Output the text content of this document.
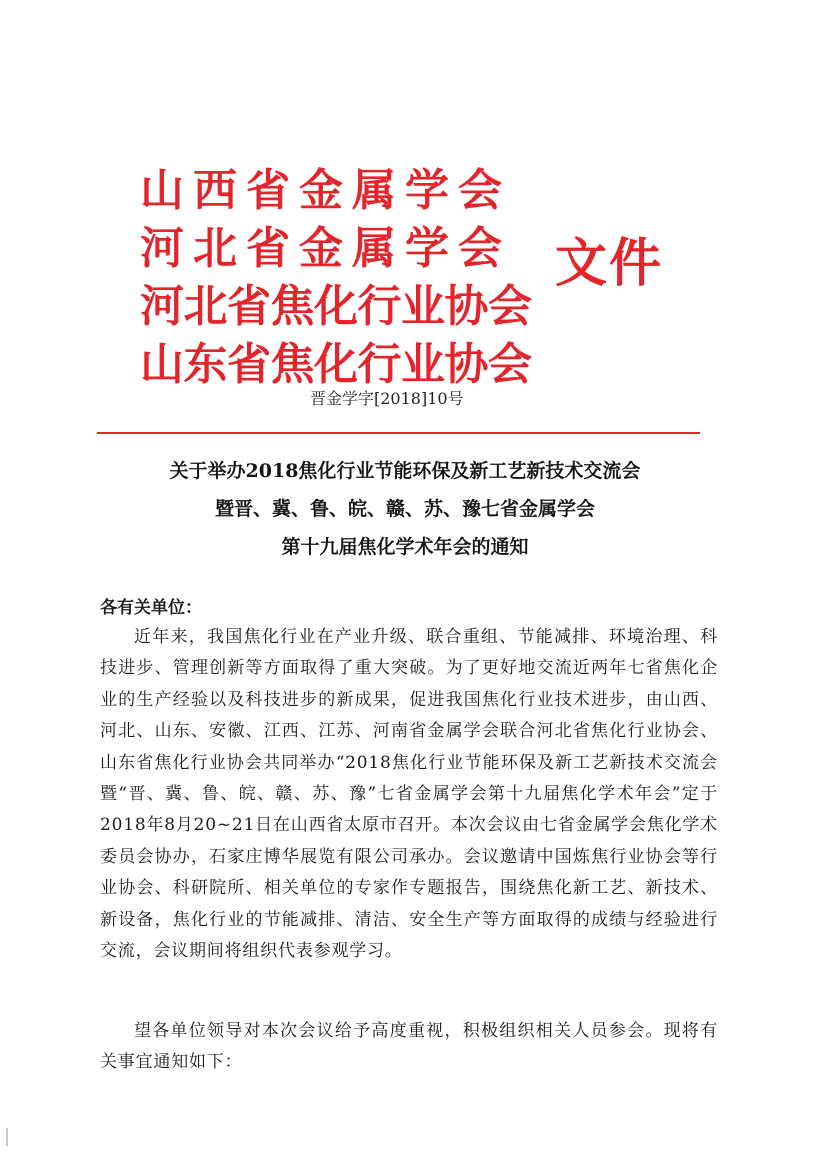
山西省金属学会
河北省金属学会
河北省焦化行业协会
山东省焦化行业协会
文件
晋金学字[2018]10号
关于举办2018焦化行业节能环保及新工艺新技术交流会
暨晋、冀、鲁、皖、赣、苏、豫七省金属学会
第十九届焦化学术年会的通知
各有关单位：
近年来，我国焦化行业在产业升级、联合重组、节能减排、环境治理、科技进步、管理创新等方面取得了重大突破。为了更好地交流近两年七省焦化企业的生产经验以及科技进步的新成果，促进我国焦化行业技术进步，由山西、河北、山东、安徽、江西、江苏、河南省金属学会联合河北省焦化行业协会、山东省焦化行业协会共同举办“2018焦化行业节能环保及新工艺新技术交流会暨“晋、冀、鲁、皖、赣、苏、豫”七省金属学会第十九届焦化学术年会”定于2018年8月20~21日在山西省太原市召开。本次会议由七省金属学会焦化学术委员会协办，石家庄博华展览有限公司承办。会议邀请中国炼焦行业协会等行业协会、科研院所、相关单位的专家作专题报告，围绕焦化新工艺、新技术、新设备，焦化行业的节能减排、清洁、安全生产等方面取得的成绩与经验进行交流，会议期间将组织代表参观学习。
望各单位领导对本次会议给予高度重视，积极组织相关人员参会。现将有关事宜通知如下：
